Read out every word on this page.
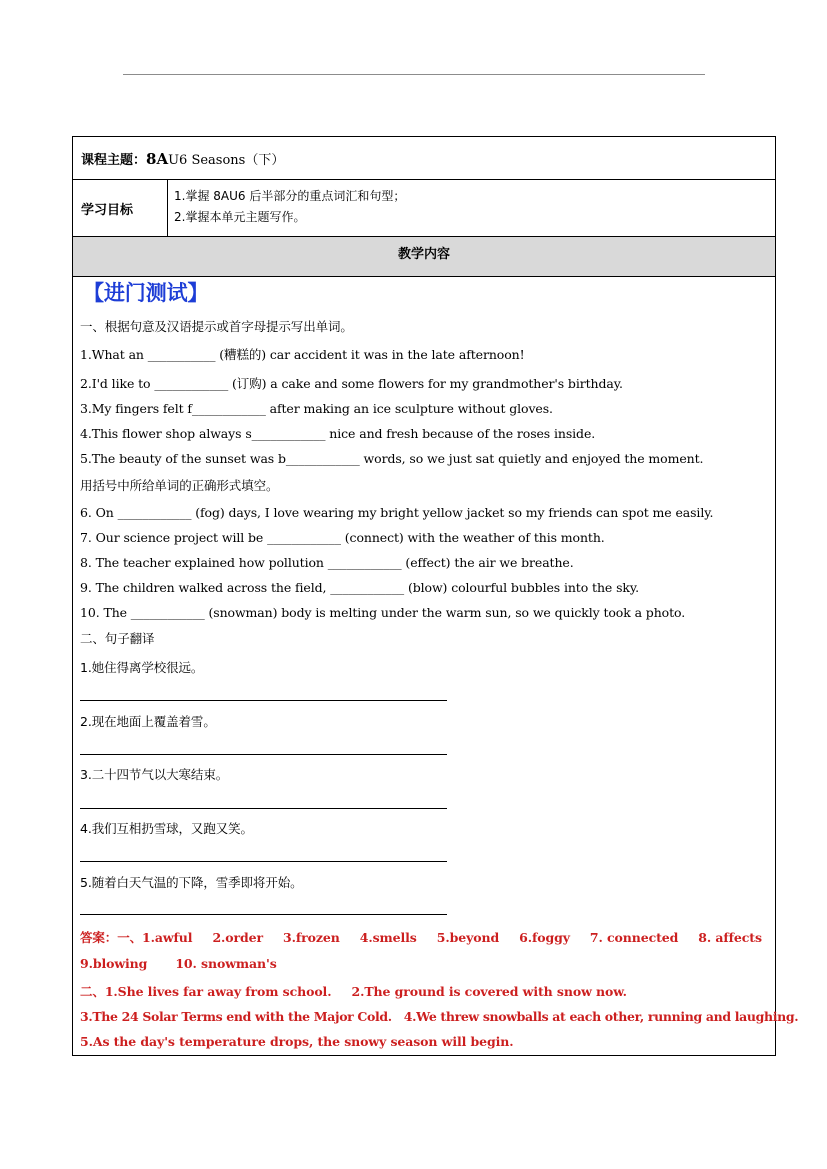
课程主题： 8AU6 Seasons（下）
学习目标
1.掌握 8AU6 后半部分的重点词汇和句型；
2.掌握本单元主题写作。
教学内容
【进门测试】
一、根据句意及汉语提示或首字母提示写出单词。
1.What an ___________ (糟糕的) car accident it was in the late afternoon!
2.I'd like to ____________ (订购) a cake and some flowers for my grandmother's birthday.
3.My fingers felt f____________ after making an ice sculpture without gloves.
4.This flower shop always s____________ nice and fresh because of the roses inside.
5.The beauty of the sunset was b____________ words, so we just sat quietly and enjoyed the moment.
用括号中所给单词的正确形式填空。
6. On ____________ (fog) days, I love wearing my bright yellow jacket so my friends can spot me easily.
7. Our science project will be ____________ (connect) with the weather of this month.
8. The teacher explained how pollution ____________ (effect) the air we breathe.
9. The children walked across the field, ____________ (blow) colourful bubbles into the sky.
10. The ____________ (snowman) body is melting under the warm sun, so we quickly took a photo.
二、句子翻译
1.她住得离学校很远。
2.现在地面上覆盖着雪。
3.二十四节气以大寒结束。
4.我们互相扔雪球，又跑又笑。
5.随着白天气温的下降，雪季即将开始。
答案：一、1.awful 2.order 3.frozen 4.smells 5.beyond 6.foggy 7. connected 8. affects
9.blowing 10. snowman's
二、1.She lives far away from school. 2.The ground is covered with snow now.
3.The 24 Solar Terms end with the Major Cold. 4.We threw snowballs at each other, running and laughing.
5.As the day's temperature drops, the snowy season will begin.
